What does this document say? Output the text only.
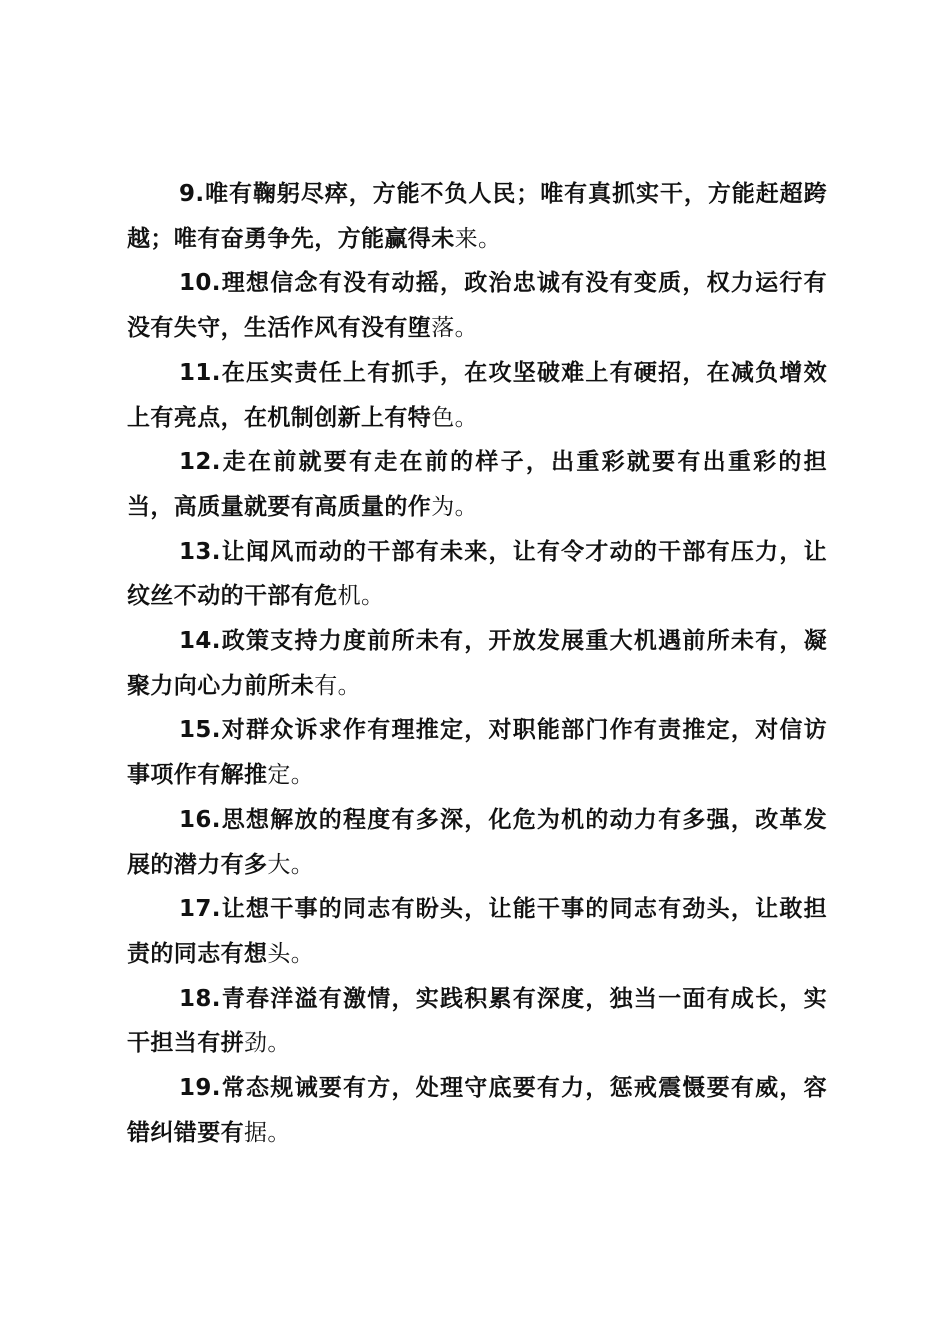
9.唯有鞠躬尽瘁，方能不负人民；唯有真抓实干，方能赶超跨越；唯有奋勇争先，方能赢得未来。

10.理想信念有没有动摇，政治忠诚有没有变质，权力运行有没有失守，生活作风有没有堕落。

11.在压实责任上有抓手，在攻坚破难上有硬招，在减负增效上有亮点，在机制创新上有特色。

12.走在前就要有走在前的样子，出重彩就要有出重彩的担当，高质量就要有高质量的作为。

13.让闻风而动的干部有未来，让有令才动的干部有压力，让纹丝不动的干部有危机。

14.政策支持力度前所未有，开放发展重大机遇前所未有，凝聚力向心力前所未有。

15.对群众诉求作有理推定，对职能部门作有责推定，对信访事项作有解推定。

16.思想解放的程度有多深，化危为机的动力有多强，改革发展的潜力有多大。

17.让想干事的同志有盼头，让能干事的同志有劲头，让敢担责的同志有想头。

18.青春洋溢有激情，实践积累有深度，独当一面有成长，实干担当有拼劲。

19.常态规诫要有方，处理守底要有力，惩戒震慑要有威，容错纠错要有据。
